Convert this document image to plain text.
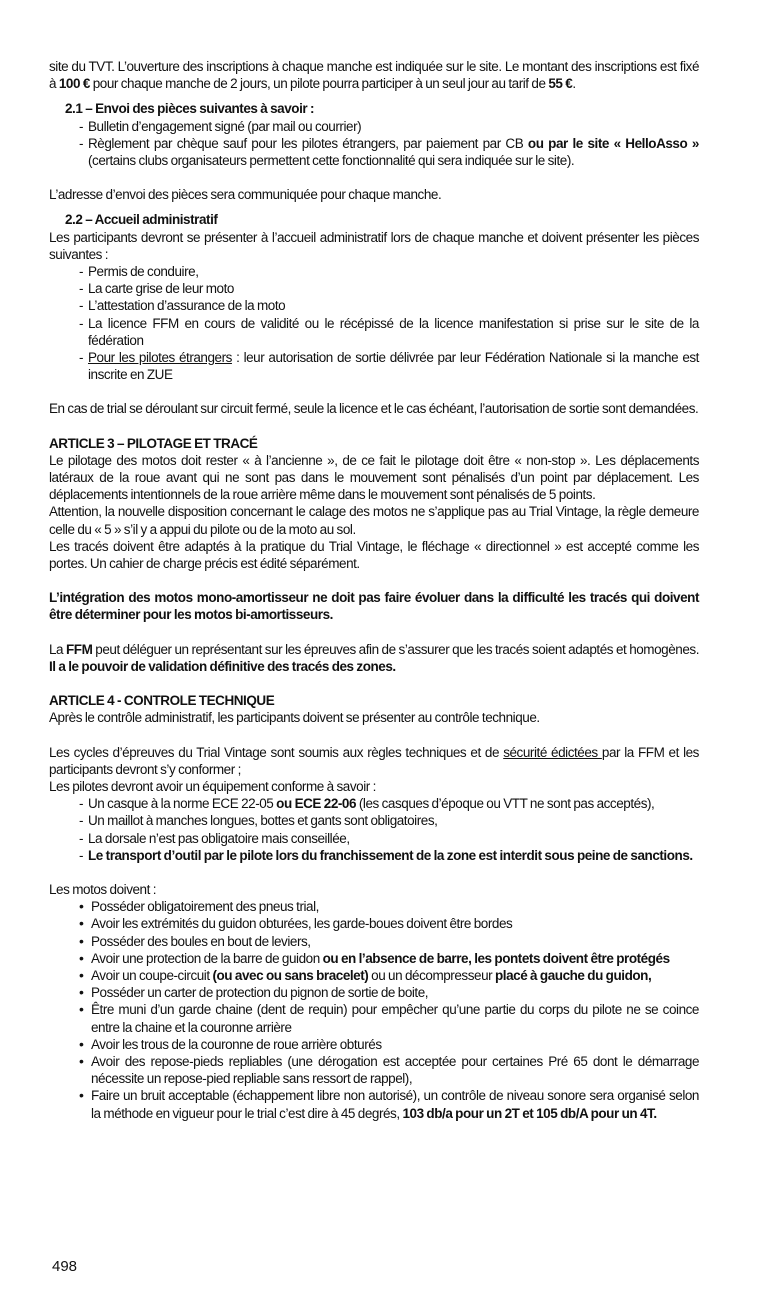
site du TVT. L’ouverture des inscriptions à chaque manche est indiquée sur le site. Le montant des inscriptions est fixé à 100 € pour chaque manche de 2 jours, un pilote pourra participer à un seul jour au tarif de 55 €.

2.1 – Envoi des pièces suivantes à savoir :
- Bulletin d’engagement signé (par mail ou courrier)
- Règlement par chèque sauf pour les pilotes étrangers, par paiement par CB ou par le site « HelloAsso » (certains clubs organisateurs permettent cette fonctionnalité qui sera indiquée sur le site).

L’adresse d’envoi des pièces sera communiquée pour chaque manche.

2.2 – Accueil administratif

Les participants devront se présenter à l’accueil administratif lors de chaque manche et doivent présenter les pièces suivantes :

- Permis de conduire,
- La carte grise de leur moto
- L’attestation d’assurance de la moto
- La licence FFM en cours de validité ou le récépissé de la licence manifestation si prise sur le site de la fédération
- Pour les pilotes étrangers : leur autorisation de sortie délivrée par leur Fédération Nationale si la manche est inscrite en ZUE

En cas de trial se déroulant sur circuit fermé, seule la licence et le cas échéant, l’autorisation de sortie sont demandées.

ARTICLE 3 – PILOTAGE ET TRACÉ

Le pilotage des motos doit rester « à l’ancienne », de ce fait le pilotage doit être « non-stop ». Les déplacements latéraux de la roue avant qui ne sont pas dans le mouvement sont pénalisés d’un point par déplacement. Les déplacements intentionnels de la roue arrière même dans le mouvement sont pénalisés de 5 points.

Attention, la nouvelle disposition concernant le calage des motos ne s’applique pas au Trial Vintage, la règle demeure celle du « 5 » s’il y a appui du pilote ou de la moto au sol.

Les tracés doivent être adaptés à la pratique du Trial Vintage, le fléchage « directionnel » est accepté comme les portes. Un cahier de charge précis est édité séparément.

L’intégration des motos mono-amortisseur ne doit pas faire évoluer dans la difficulté les tracés qui doivent être déterminer pour les motos bi-amortisseurs.

La FFM peut déléguer un représentant sur les épreuves afin de s’assurer que les tracés soient adaptés et homogènes. Il a le pouvoir de validation définitive des tracés des zones.

ARTICLE 4 - CONTROLE TECHNIQUE

Après le contrôle administratif, les participants doivent se présenter au contrôle technique.

Les cycles d’épreuves du Trial Vintage sont soumis aux règles techniques et de sécurité édictées par la FFM et les participants devront s’y conformer ;

Les pilotes devront avoir un équipement conforme à savoir :

- Un casque à la norme ECE 22-05 ou ECE 22-06 (les casques d’époque ou VTT ne sont pas acceptés),
- Un maillot à manches longues, bottes et gants sont obligatoires,
- La dorsale n’est pas obligatoire mais conseillée,
- Le transport d’outil par le pilote lors du franchissement de la zone est interdit sous peine de sanctions.

Les motos doivent :

• Posséder obligatoirement des pneus trial,
• Avoir les extrémités du guidon obturées, les garde-boues doivent être bordes
• Posséder des boules en bout de leviers,
• Avoir une protection de la barre de guidon ou en l’absence de barre, les pontets doivent être protégés
• Avoir un coupe-circuit (ou avec ou sans bracelet) ou un décompresseur placé à gauche du guidon,
• Posséder un carter de protection du pignon de sortie de boite,
• Être muni d’un garde chaine (dent de requin) pour empêcher qu’une partie du corps du pilote ne se coince entre la chaine et la couronne arrière
• Avoir les trous de la couronne de roue arrière obturés
• Avoir des repose-pieds repliables (une dérogation est acceptée pour certaines Pré 65 dont le démarrage nécessite un repose-pied repliable sans ressort de rappel),
• Faire un bruit acceptable (échappement libre non autorisé), un contrôle de niveau sonore sera organisé selon la méthode en vigueur pour le trial c’est dire à 45 degrés, 103 db/a pour un 2T et 105 db/A pour un 4T.
498
